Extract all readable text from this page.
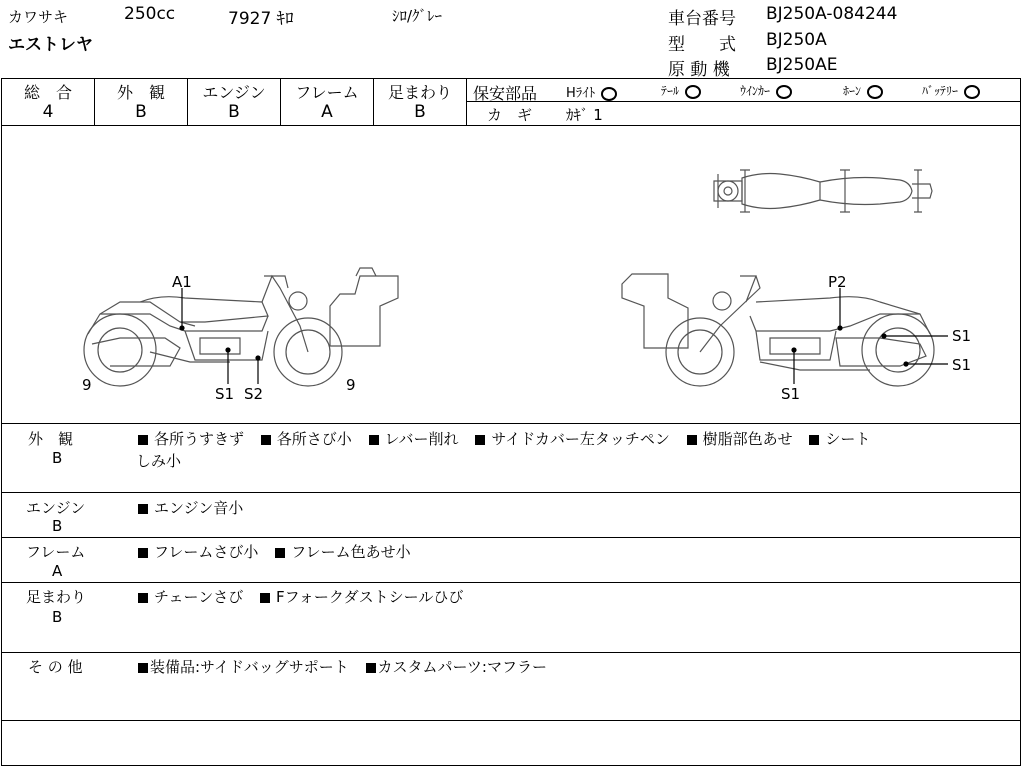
カワサキ	250cc	7927 ｷﾛ	ｼﾛ/ｸﾞﾚｰ
エストレヤ
車台番号 BJ250A-084244
型　　式 BJ250A
原 動 機 BJ250AE
総　合
4
外　観
B
エンジン
B
フレーム
A
足まわり
B
保安部品 Hﾗｲﾄ	ﾃｰﾙ	ｳｲﾝｶｰ	ﾎｰﾝ	ﾊﾞｯﾃﾘｰ
カ　ギ ｶｷﾞ 1
A1
9	S1 S2	9
P2
S1
S1
S1
外　観
B
各所うすきず 各所さび小 レバー削れ サイドカバー左タッチペン 樹脂部色あせ シート
しみ小
エンジン
B
エンジン音小
フレーム
A
フレームさび小 フレーム色あせ小
足まわり
B
チェーンさび Fフォークダストシールひび
そ の 他	装備品:サイドバッグサポート カスタムパーツ:マフラー
